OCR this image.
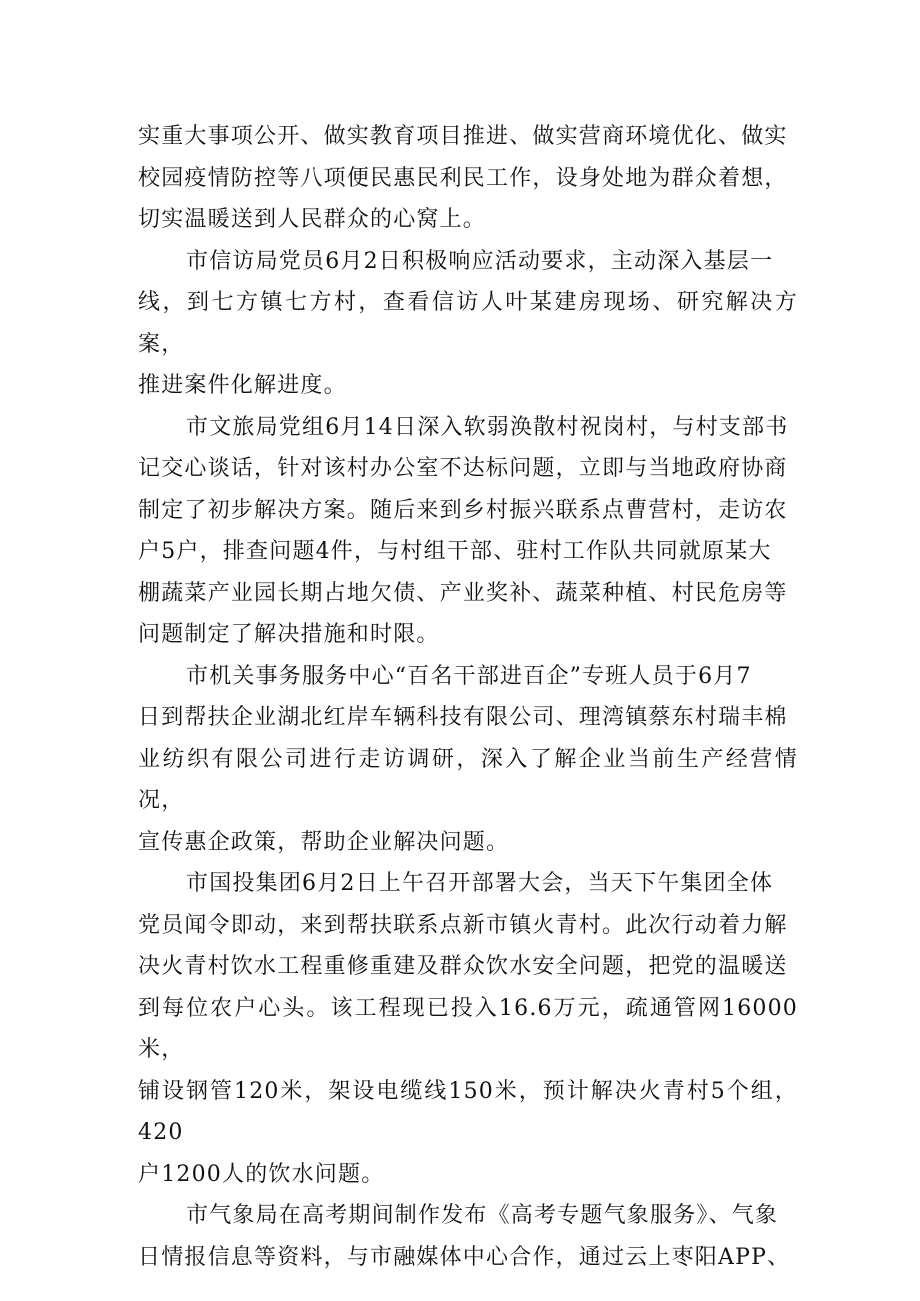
实重大事项公开、做实教育项目推进、做实营商环境优化、做实
校园疫情防控等八项便民惠民利民工作，设身处地为群众着想，
切实温暖送到人民群众的心窝上。

市信访局党员6月2日积极响应活动要求，主动深入基层一
线，到七方镇七方村，查看信访人叶某建房现场、研究解决方案，
推进案件化解进度。

市文旅局党组6月14日深入软弱涣散村祝岗村，与村支部书
记交心谈话，针对该村办公室不达标问题，立即与当地政府协商
制定了初步解决方案。随后来到乡村振兴联系点曹营村，走访农
户5户，排查问题4件，与村组干部、驻村工作队共同就原某大
棚蔬菜产业园长期占地欠债、产业奖补、蔬菜种植、村民危房等
问题制定了解决措施和时限。

市机关事务服务中心“百名干部进百企”专班人员于6月7
日到帮扶企业湖北红岸车辆科技有限公司、理湾镇蔡东村瑞丰棉
业纺织有限公司进行走访调研，深入了解企业当前生产经营情况，
宣传惠企政策，帮助企业解决问题。

市国投集团6月2日上午召开部署大会，当天下午集团全体
党员闻令即动，来到帮扶联系点新市镇火青村。此次行动着力解
决火青村饮水工程重修重建及群众饮水安全问题，把党的温暖送
到每位农户心头。该工程现已投入16.6万元，疏通管网16000米，
铺设钢管120米，架设电缆线150米，预计解决火青村5个组，420
户1200人的饮水问题。

市气象局在高考期间制作发布《高考专题气象服务》、气象
日情报信息等资料，与市融媒体中心合作，通过云上枣阳APP、
